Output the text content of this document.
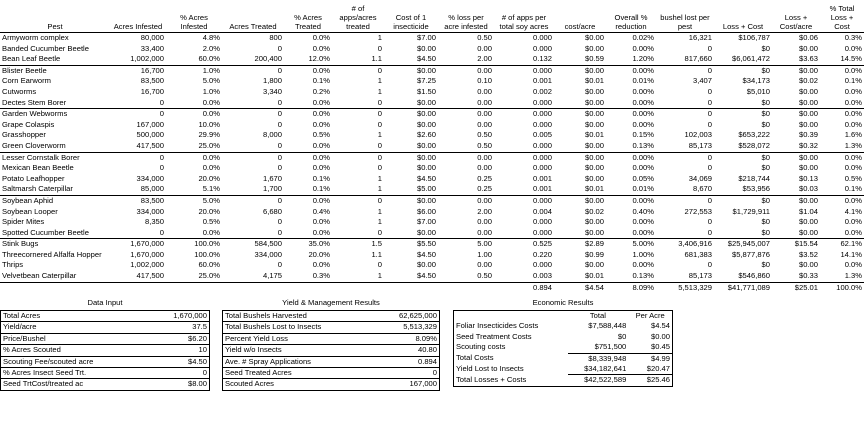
Pest	Acres Infested	% Acres Infested	Acres Treated	% Acres Treated	# of apps/acres treated	Cost of 1 insecticide	% loss per acre infested	# of apps per total soy acres	cost/acre	Overall % reduction	bushel lost per pest	Loss + Cost	Loss + Cost/acre	% Total Loss + Cost
Armyworm complex	80,000	4.8%	800	0.0%	1	$7.00	0.50	0.000	$0.00	0.02%	16,321	$106,787	$0.06	0.3%
Banded Cucumber Beetle	33,400	2.0%	0	0.0%	0	$0.00	0.00	0.000	$0.00	0.00%	0	$0	$0.00	0.0%
Bean Leaf Beetle	1,002,000	60.0%	200,400	12.0%	1.1	$4.50	2.00	0.132	$0.59	1.20%	817,660	$6,061,472	$3.63	14.5%
Blister Beetle	16,700	1.0%	0	0.0%	0	$0.00	0.00	0.000	$0.00	0.00%	0	$0	$0.00	0.0%
Corn Earworm	83,500	5.0%	1,800	0.1%	1	$7.25	0.10	0.001	$0.01	0.01%	3,407	$34,173	$0.02	0.1%
Cutworms	16,700	1.0%	3,340	0.2%	1	$1.50	0.00	0.002	$0.00	0.00%	0	$5,010	$0.00	0.0%
Dectes Stem Borer	0	0.0%	0	0.0%	0	$0.00	0.00	0.000	$0.00	0.00%	0	$0	$0.00	0.0%
Garden Webworms	0	0.0%	0	0.0%	0	$0.00	0.00	0.000	$0.00	0.00%	0	$0	$0.00	0.0%
Grape Colaspis	167,000	10.0%	0	0.0%	0	$0.00	0.00	0.000	$0.00	0.00%	0	$0	$0.00	0.0%
Grasshopper	500,000	29.9%	8,000	0.5%	1	$2.60	0.50	0.005	$0.01	0.15%	102,003	$653,222	$0.39	1.6%
Green Cloverworm	417,500	25.0%	0	0.0%	0	$0.00	0.50	0.000	$0.00	0.13%	85,173	$528,072	$0.32	1.3%
Lesser Cornstalk Borer	0	0.0%	0	0.0%	0	$0.00	0.00	0.000	$0.00	0.00%	0	$0	$0.00	0.0%
Mexican Bean Beetle	0	0.0%	0	0.0%	0	$0.00	0.00	0.000	$0.00	0.00%	0	$0	$0.00	0.0%
Potato Leafhopper	334,000	20.0%	1,670	0.1%	1	$4.50	0.25	0.001	$0.00	0.05%	34,069	$218,744	$0.13	0.5%
Saltmarsh Caterpillar	85,000	5.1%	1,700	0.1%	1	$5.00	0.25	0.001	$0.01	0.01%	8,670	$53,956	$0.03	0.1%
Soybean Aphid	83,500	5.0%	0	0.0%	0	$0.00	0.00	0.000	$0.00	0.00%	0	$0	$0.00	0.0%
Soybean Looper	334,000	20.0%	6,680	0.4%	1	$6.00	2.00	0.004	$0.02	0.40%	272,553	$1,729,911	$1.04	4.1%
Spider Mites	8,350	0.5%	0	0.0%	1	$7.00	0.00	0.000	$0.00	0.00%	0	$0	$0.00	0.0%
Spotted Cucumber Beetle	0	0.0%	0	0.0%	0	$0.00	0.00	0.000	$0.00	0.00%	0	$0	$0.00	0.0%
Stink Bugs	1,670,000	100.0%	584,500	35.0%	1.5	$5.50	5.00	0.525	$2.89	5.00%	3,406,916	$25,945,007	$15.54	62.1%
Threecornered Alfalfa Hopper	1,670,000	100.0%	334,000	20.0%	1.1	$4.50	1.00	0.220	$0.99	1.00%	681,383	$5,877,876	$3.52	14.1%
Thrips	1,002,000	60.0%	0	0.0%	0	$0.00	0.00	0.000	$0.00	0.00%	0	$0	$0.00	0.0%
Velvetbean Caterpillar	417,500	25.0%	4,175	0.3%	1	$4.50	0.50	0.003	$0.01	0.13%	85,173	$546,860	$0.33	1.3%
								0.894	$4.54	8.09%	5,513,329	$41,771,089	$25.01	100.0%
Data Input
Total Acres	1,670,000
Yield/acre	37.5
Price/Bushel	$6.20
% Acres Scouted	10
Scouting Fee/scouted acre	$4.50
% Acres Insect Seed Trt.	0
Seed TrtCost/treated ac	$8.00
Yield & Management Results
Total Bushels Harvested	62,625,000
Total Bushels Lost to Insects	5,513,329
Percent Yield Loss	8.09%
Yield w/o Insects	40.80
Ave. # Spray Applications	0.894
Seed Treated Acres	0
Scouted Acres	167,000
Economic Results
	Total	Per Acre
Foliar Insecticides Costs	$7,588,448	$4.54
Seed Treatment Costs	$0	$0.00
Scouting costs	$751,500	$0.45
Total Costs	$8,339,948	$4.99
Yield Lost to Insects	$34,182,641	$20.47
Total Losses + Costs	$42,522,589	$25.46
